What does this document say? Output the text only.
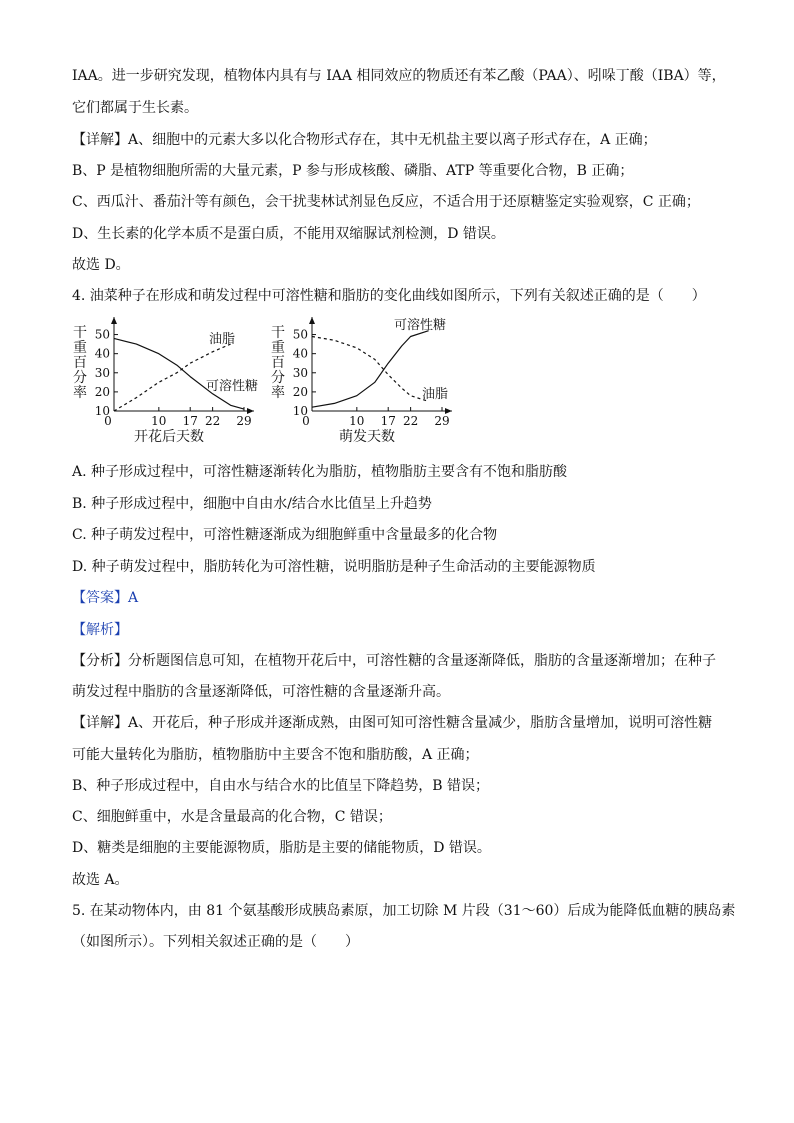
IAA。进一步研究发现，植物体内具有与 IAA 相同效应的物质还有苯乙酸（PAA）、吲哚丁酸（IBA）等，
它们都属于生长素。
【详解】A、细胞中的元素大多以化合物形式存在，其中无机盐主要以离子形式存在，A 正确；
B、P 是植物细胞所需的大量元素，P 参与形成核酸、磷脂、ATP 等重要化合物，B 正确；
C、西瓜汁、番茄汁等有颜色，会干扰斐林试剂显色反应，不适合用于还原糖鉴定实验观察，C 正确；
D、生长素的化学本质不是蛋白质，不能用双缩脲试剂检测，D 错误。
故选 D。
4. 油菜种子在形成和萌发过程中可溶性糖和脂肪的变化曲线如图所示，下列有关叙述正确的是（　　）
10
20
30
40
50
0	10 17 22 29
干
重
百
分
率
开花后天数
油脂
可溶性糖
10
20
30
40
50
0	10 17 22 29
干
重
百
分
率
萌发天数
可溶性糖
油脂
A. 种子形成过程中，可溶性糖逐渐转化为脂肪，植物脂肪主要含有不饱和脂肪酸
B. 种子形成过程中，细胞中自由水/结合水比值呈上升趋势
C. 种子萌发过程中，可溶性糖逐渐成为细胞鲜重中含量最多的化合物
D. 种子萌发过程中，脂肪转化为可溶性糖，说明脂肪是种子生命活动的主要能源物质
【答案】A
【解析】
【分析】分析题图信息可知，在植物开花后中，可溶性糖的含量逐渐降低，脂肪的含量逐渐增加；在种子
萌发过程中脂肪的含量逐渐降低，可溶性糖的含量逐渐升高。
【详解】A、开花后，种子形成并逐渐成熟，由图可知可溶性糖含量减少，脂肪含量增加，说明可溶性糖
可能大量转化为脂肪，植物脂肪中主要含不饱和脂肪酸，A 正确；
B、种子形成过程中，自由水与结合水的比值呈下降趋势，B 错误；
C、细胞鲜重中，水是含量最高的化合物，C 错误；
D、糖类是细胞的主要能源物质，脂肪是主要的储能物质，D 错误。
故选 A。
5. 在某动物体内，由 81 个氨基酸形成胰岛素原，加工切除 M 片段（31～60）后成为能降低血糖的胰岛素
（如图所示）。下列相关叙述正确的是（　　）
